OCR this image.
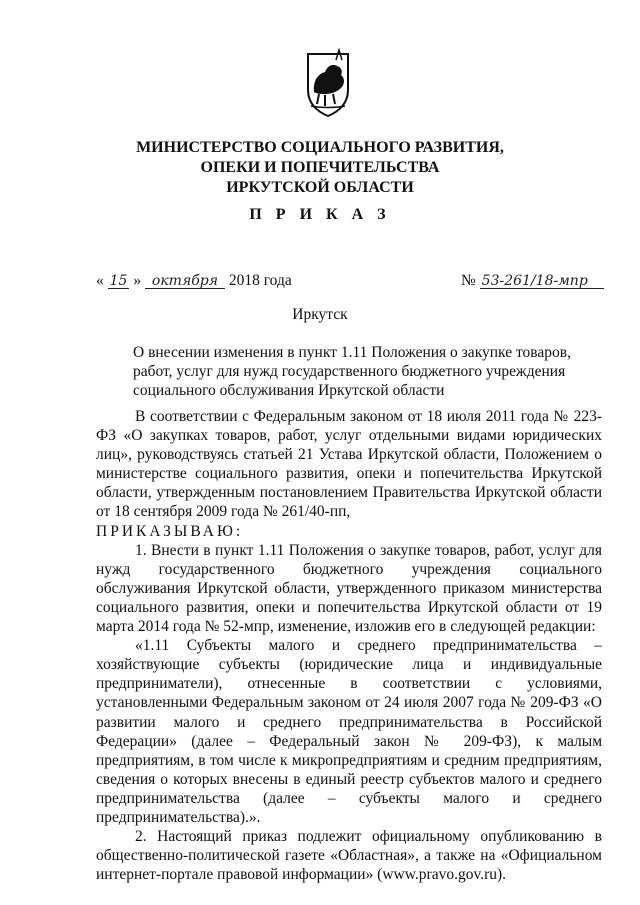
МИНИСТЕРСТВО СОЦИАЛЬНОГО РАЗВИТИЯ,
ОПЕКИ И ПОПЕЧИТЕЛЬСТВА
ИРКУТСКОЙ ОБЛАСТИ
П Р И К А З
« 15 » октября 2018 года	№ 53-261/18-мпр
Иркутск
О внесении изменения в пункт 1.11 Положения о закупке товаров, работ, услуг для нужд государственного бюджетного учреждения социального обслуживания Иркутской области

В соответствии с Федеральным законом от 18 июля 2011 года № 223-ФЗ «О закупках товаров, работ, услуг отдельными видами юридических лиц», руководствуясь статьей 21 Устава Иркутской области, Положением о министерстве социального развития, опеки и попечительства Иркутской области, утвержденным постановлением Правительства Иркутской области от 18 сентября 2009 года № 261/40-пп,

ПРИКАЗЫВАЮ:

1. Внести в пункт 1.11 Положения о закупке товаров, работ, услуг для нужд государственного бюджетного учреждения социального обслуживания Иркутской области, утвержденного приказом министерства социального развития, опеки и попечительства Иркутской области от 19 марта 2014 года № 52-мпр, изменение, изложив его в следующей редакции:

«1.11 Субъекты малого и среднего предпринимательства – хозяйствующие субъекты (юридические лица и индивидуальные предприниматели), отнесенные в соответствии с условиями, установленными Федеральным законом от 24 июля 2007 года № 209-ФЗ «О развитии малого и среднего предпринимательства в Российской Федерации» (далее – Федеральный закон № 209-ФЗ), к малым предприятиям, в том числе к микропредприятиям и средним предприятиям, сведения о которых внесены в единый реестр субъектов малого и среднего предпринимательства (далее – субъекты малого и среднего предпринимательства).».

2. Настоящий приказ подлежит официальному опубликованию в общественно-политической газете «Областная», а также на «Официальном интернет-портале правовой информации» (www.pravo.gov.ru).
